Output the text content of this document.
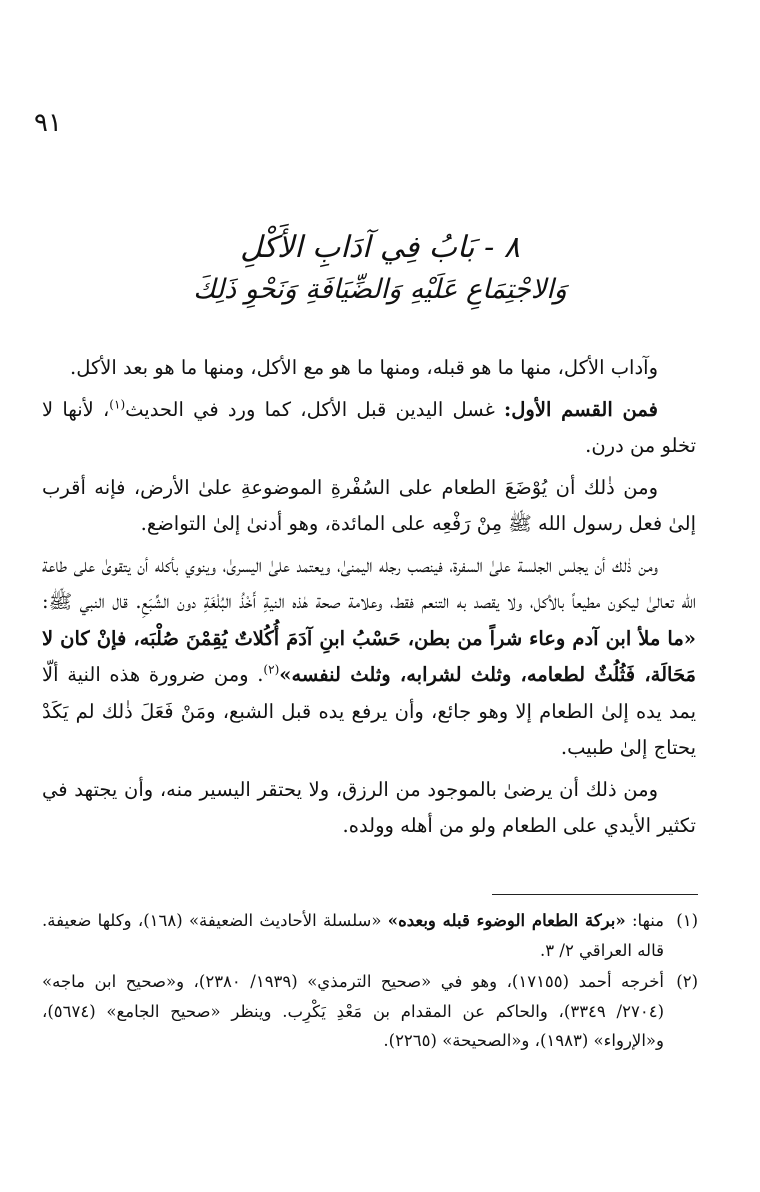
٩١
٨ - بَابُ فِي آدَابِ الأَكْلِ
وَالاجْتِمَاعِ عَلَيْهِ وَالضِّيَافَةِ وَنَحْوِ ذَلِكَ

وآداب الأكل، منها ما هو قبله، ومنها ما هو مع الأكل، ومنها ما هو بعد الأكل.

فمن القسم الأول: غسل اليدين قبل الأكل، كما ورد في الحديث$^{(١)}$، لأنها لا تخلو من درن.

ومن ذٰلك أن يُوْضَعَ الطعام على السُفْرةِ الموضوعةِ علىٰ الأرض، فإنه أقرب إلىٰ فعل رسول الله ﷺ مِنْ رَفْعِه على المائدة، وهو أدنىٰ إلىٰ التواضع.

ومن ذٰلك أن يجلس الجلسة علىٰ السفرة، فينصب رجله اليمنىٰ، ويعتمد علىٰ اليسرىٰ، وينوي بأكله أن يتقوىٰ على طاعة الله تعالىٰ ليكون مطيعاً بالأكل، ولا يقصد به التنعم فقط، وعلامة صحة هٰذه النيةِ أَخْذُ البُلْغَةِ دون الشِّبَعِ. قال النبي ﷺ: «ما ملأ ابن آدم وعاء شراً من بطن، حَسْبُ ابنِ آدَمَ أُكُلاتٌ يُقِمْنَ صُلْبَه، فإنْ كان لا مَحَالَة، فَثُلُثٌ لطعامه، وثلث لشرابه، وثلث لنفسه»$^{(٢)}$. ومن ضرورة هذه النية ألّا يمد يده إلىٰ الطعام إلا وهو جائع، وأن يرفع يده قبل الشبع، ومَنْ فَعَلَ ذٰلك لم يَكَدْ يحتاج إلىٰ طبيب.

ومن ذلك أن يرضىٰ بالموجود من الرزق، ولا يحتقر اليسير منه، وأن يجتهد في تكثير الأيدي على الطعام ولو من أهله وولده.

(١)
منها: «بركة الطعام الوضوء قبله وبعده» «سلسلة الأحاديث الضعيفة» (١٦٨)، وكلها ضعيفة. قاله العراقي ٢/ ٣.

(٢)
أخرجه أحمد (١٧١٥٥)، وهو في «صحيح الترمذي» (١٩٣٩/ ٢٣٨٠)، و«صحيح ابن ماجه» (٢٧٠٤/ ٣٣٤٩)، والحاكم عن المقدام بن مَعْدِ يَكْرِب. وينظر «صحيح الجامع» (٥٦٧٤)، و«الإرواء» (١٩٨٣)، و«الصحيحة» (٢٢٦٥).
